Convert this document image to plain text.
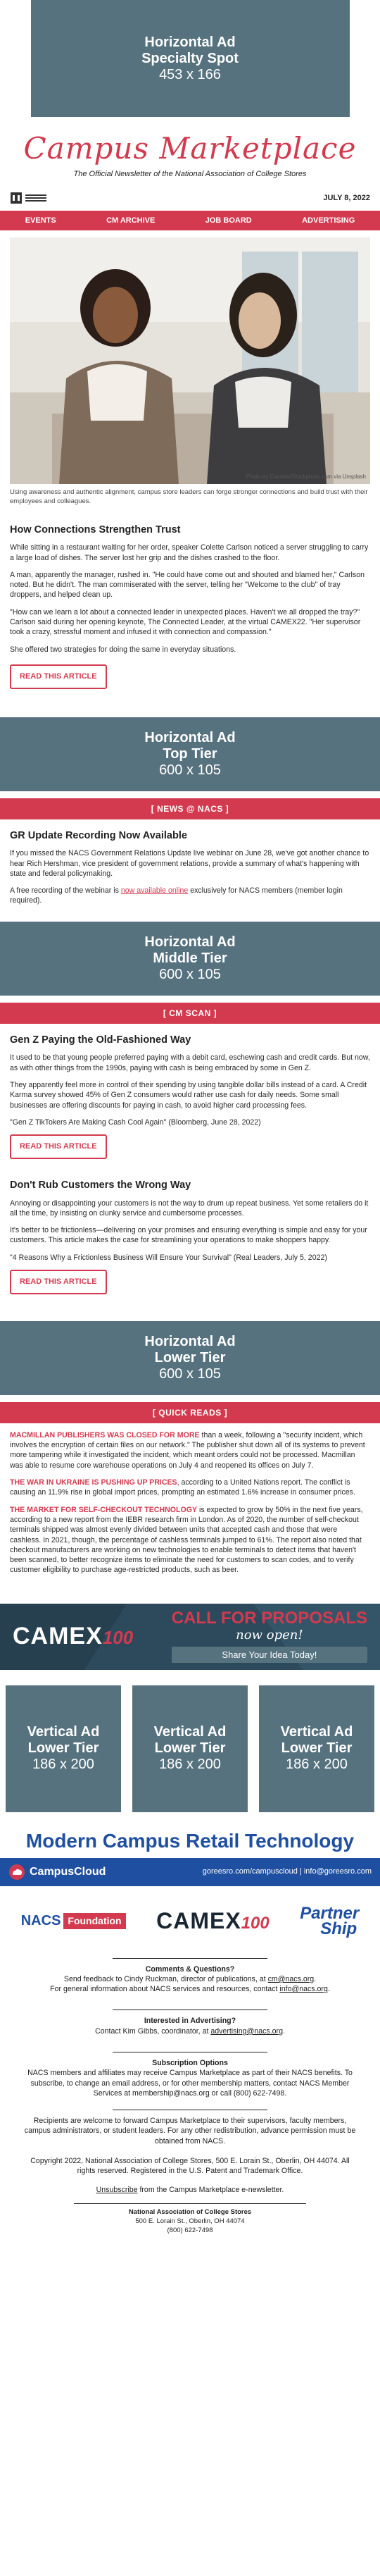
Horizontal Ad
Specialty Spot
453 x 166
Campus Marketplace
The Official Newsletter of the National Association of College Stores
JULY 8, 2022
EVENTS	CM ARCHIVE	JOB BOARD	ADVERTISING
Photo by Claudia/iStockphoto.com via Unsplash
Using awareness and authentic alignment, campus store leaders can forge stronger connections and build trust with their employees and colleagues.
How Connections Strengthen Trust

While sitting in a restaurant waiting for her order, speaker Colette Carlson noticed a server struggling to carry a large load of dishes. The server lost her grip and the dishes crashed to the floor.

A man, apparently the manager, rushed in. "He could have come out and shouted and blamed her," Carlson noted. But he didn't. The man commiserated with the server, telling her "Welcome to the club" of tray droppers, and helped clean up.

"How can we learn a lot about a connected leader in unexpected places. Haven't we all dropped the tray?" Carlson said during her opening keynote, The Connected Leader, at the virtual CAMEX22. "Her supervisor took a crazy, stressful moment and infused it with connection and compassion."

She offered two strategies for doing the same in everyday situations.

READ THIS ARTICLE
Horizontal Ad
Top Tier
600 x 105
[ NEWS @ NACS ]
GR Update Recording Now Available

If you missed the NACS Government Relations Update live webinar on June 28, we've got another chance to hear Rich Hershman, vice president of government relations, provide a summary of what's happening with state and federal policymaking.

A free recording of the webinar is now available online exclusively for NACS members (member login required).

Horizontal Ad
Middle Tier
600 x 105
[ CM SCAN ]
Gen Z Paying the Old-Fashioned Way

It used to be that young people preferred paying with a debit card, eschewing cash and credit cards. But now, as with other things from the 1990s, paying with cash is being embraced by some in Gen Z.

They apparently feel more in control of their spending by using tangible dollar bills instead of a card. A Credit Karma survey showed 45% of Gen Z consumers would rather use cash for daily needs. Some small businesses are offering discounts for paying in cash, to avoid higher card processing fees.

"Gen Z TikTokers Are Making Cash Cool Again" (Bloomberg, June 28, 2022)

READ THIS ARTICLE
Don't Rub Customers the Wrong Way

Annoying or disappointing your customers is not the way to drum up repeat business. Yet some retailers do it all the time, by insisting on clunky service and cumbersome processes.

It's better to be frictionless—delivering on your promises and ensuring everything is simple and easy for your customers. This article makes the case for streamlining your operations to make shoppers happy.

"4 Reasons Why a Frictionless Business Will Ensure Your Survival" (Real Leaders, July 5, 2022)

READ THIS ARTICLE
Horizontal Ad
Lower Tier
600 x 105
[ QUICK READS ]

MACMILLAN PUBLISHERS WAS CLOSED FOR MORE than a week, following a "security incident, which involves the encryption of certain files on our network." The publisher shut down all of its systems to prevent more tampering while it investigated the incident, which meant orders could not be processed. Macmillan was able to resume core warehouse operations on July 4 and reopened its offices on July 7.

THE WAR IN UKRAINE IS PUSHING UP PRICES, according to a United Nations report. The conflict is causing an 11.9% rise in global import prices, prompting an estimated 1.6% increase in consumer prices.

THE MARKET FOR SELF-CHECKOUT TECHNOLOGY is expected to grow by 50% in the next five years, according to a new report from the IEBR research firm in London. As of 2020, the number of self-checkout terminals shipped was almost evenly divided between units that accepted cash and those that were cashless. In 2021, though, the percentage of cashless terminals jumped to 61%. The report also noted that checkout manufacturers are working on new technologies to enable terminals to detect items that haven't been scanned, to better recognize items to eliminate the need for customers to scan codes, and to verify customer eligibility to purchase age-restricted products, such as beer.

CAMEX 100
CALL FOR PROPOSALS
now open!
Share Your Idea Today!
Vertical Ad
Lower Tier
186 x 200
Vertical Ad
Lower Tier
186 x 200
Vertical Ad
Lower Tier
186 x 200
Modern Campus Retail Technology
CampusCloud	goreesro.com/campuscloud | info@goreesro.com
NACS Foundation CAMEX 100
Partner
Ship
Comments & Questions?
Send feedback to Cindy Ruckman, director of publications, at cm@nacs.org.
For general information about NACS services and resources, contact info@nacs.org.
Interested in Advertising?
Contact Kim Gibbs, coordinator, at advertising@nacs.org.
Subscription Options
NACS members and affiliates may receive Campus Marketplace as part of their NACS benefits. To subscribe, to change an email address, or for other membership matters, contact NACS Member Services at membership@nacs.org or call (800) 622-7498.
Recipients are welcome to forward Campus Marketplace to their supervisors, faculty members, campus administrators, or student leaders. For any other redistribution, advance permission must be obtained from NACS.
Copyright 2022, National Association of College Stores, 500 E. Lorain St., Oberlin, OH 44074. All rights reserved. Registered in the U.S. Patent and Trademark Office.
Unsubscribe from the Campus Marketplace e-newsletter.
National Association of College Stores
500 E. Lorain St., Oberlin, OH 44074
(800) 622-7498
